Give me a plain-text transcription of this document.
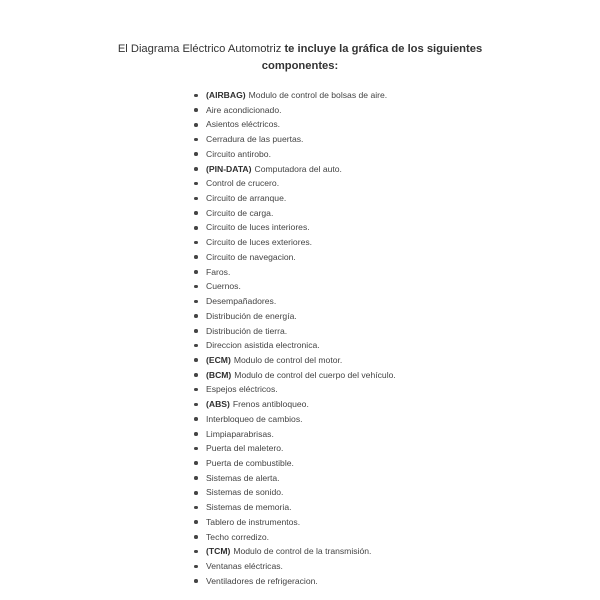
El Diagrama Eléctrico Automotriz te incluye la gráfica de los siguientes
componentes:
(AIRBAG) Modulo de control de bolsas de aire.
Aire acondicionado.
Asientos eléctricos.
Cerradura de las puertas.
Circuito antirobo.
(PIN-DATA) Computadora del auto.
Control de crucero.
Circuito de arranque.
Circuito de carga.
Circuito de luces interiores.
Circuito de luces exteriores.
Circuito de navegacion.
Faros.
Cuernos.
Desempañadores.
Distribución de energía.
Distribución de tierra.
Direccion asistida electronica.
(ECM) Modulo de control del motor.
(BCM) Modulo de control del cuerpo del vehículo.
Espejos eléctricos.
(ABS) Frenos antibloqueo.
Interbloqueo de cambios.
Limpiaparabrisas.
Puerta del maletero.
Puerta de combustible.
Sistemas de alerta.
Sistemas de sonido.
Sistemas de memoria.
Tablero de instrumentos.
Techo corredizo.
(TCM) Modulo de control de la transmisión.
Ventanas eléctricas.
Ventiladores de refrigeracion.
